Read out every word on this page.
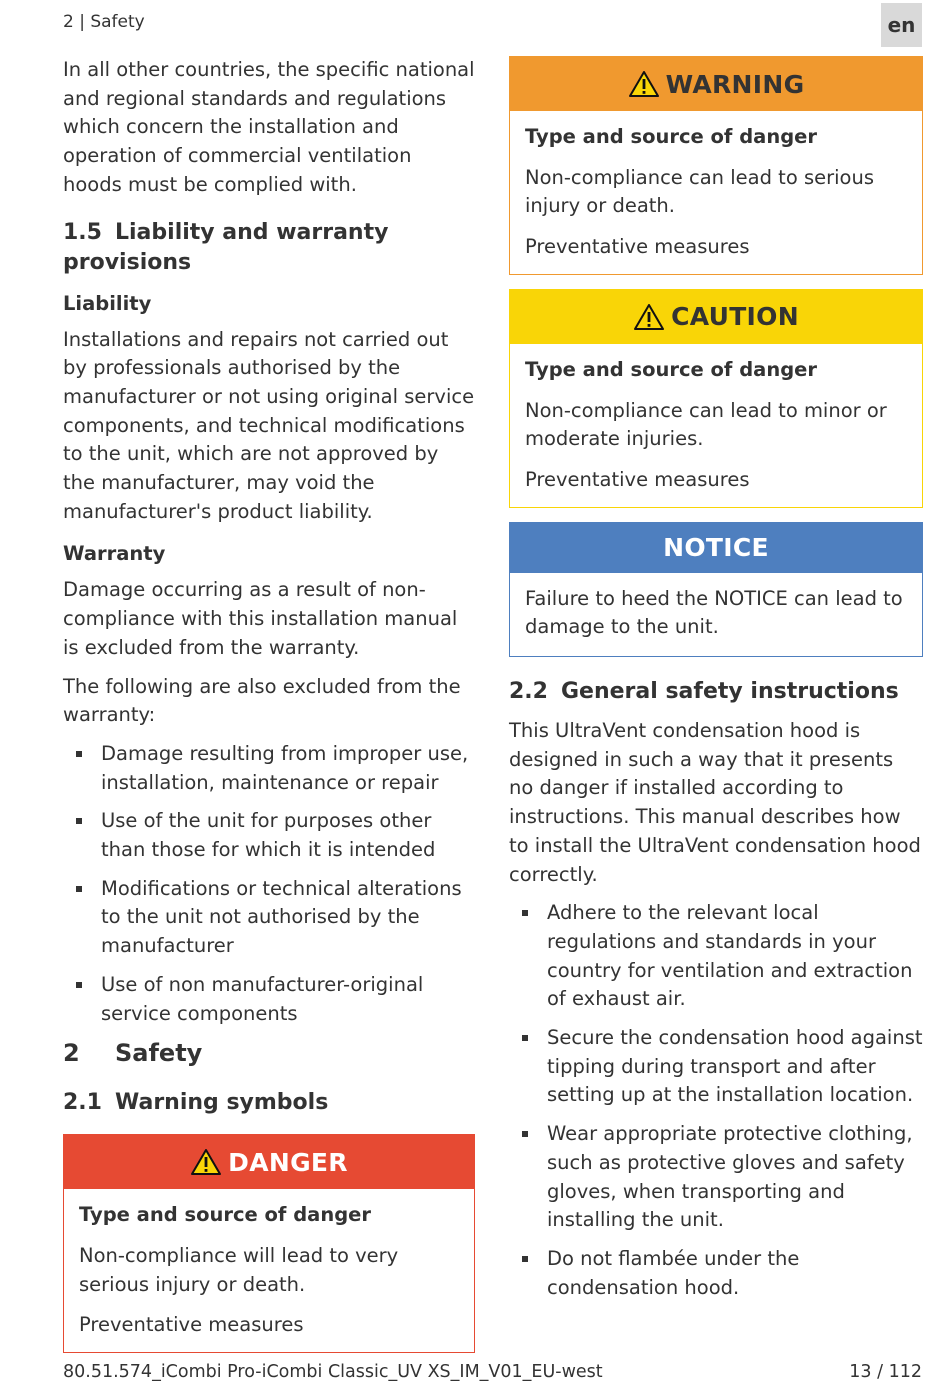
2 | Safety	en

In all other countries, the specific national and regional standards and regulations which concern the installation and operation of commercial ventilation hoods must be complied with.

1.5 Liability and warranty provisions
Liability

Installations and repairs not carried out by professionals authorised by the manufacturer or not using original service components, and technical modifications to the unit, which are not approved by the manufacturer, may void the manufacturer's product liability.

Warranty

Damage occurring as a result of non-compliance with this installation manual is excluded from the warranty.

The following are also excluded from the warranty:

Damage resulting from improper use, installation, maintenance or repair
Use of the unit for purposes other than those for which it is intended
Modifications or technical alterations to the unit not authorised by the manufacturer
Use of non manufacturer-original service components
2 Safety
2.1 Warning symbols
DANGER

Type and source of danger

Non-compliance will lead to very serious injury or death.

Preventative measures

WARNING

Type and source of danger

Non-compliance can lead to serious injury or death.

Preventative measures

CAUTION

Type and source of danger

Non-compliance can lead to minor or moderate injuries.

Preventative measures

NOTICE

Failure to heed the NOTICE can lead to damage to the unit.

2.2 General safety instructions

This UltraVent condensation hood is designed in such a way that it presents no danger if installed according to instructions. This manual describes how to install the UltraVent condensation hood correctly.

Adhere to the relevant local regulations and standards in your country for ventilation and extraction of exhaust air.
Secure the condensation hood against tipping during transport and after setting up at the installation location.
Wear appropriate protective clothing, such as protective gloves and safety gloves, when transporting and installing the unit.
Do not flambée under the condensation hood.
80.51.574_iCombi Pro-iCombi Classic_UV XS_IM_V01_EU-west	13 / 112
